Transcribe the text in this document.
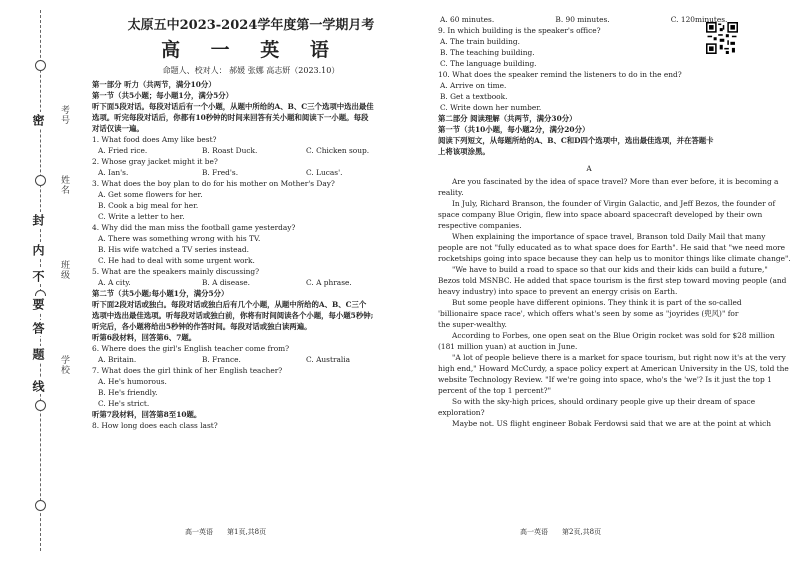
考号
姓名
班级
学校
密
封
线
内
不
要
答
题
太原五中2023-2024学年度第一学期月考
高 一 英 语
命题人、校对人： 郝媛 张娜 高志妍（2023.10）
第一部分 听力（共两节，满分10分）
第一节（共5小题；每小题1分，满分5分）
听下面5段对话。每段对话后有一个小题，从题中所给的A、B、C三个选项中选出最佳
选项。听完每段对话后，你都有10秒钟的时间来回答有关小题和阅读下一小题。每段
对话仅读一遍。
1. What food does Amy like best?
A. Fried rice.	B. Roast Duck.	C. Chicken soup.
2. Whose gray jacket might it be?
A. Ian's.	B. Fred's.	C. Lucas'.
3. What does the boy plan to do for his mother on Mother's Day?
A. Get some flowers for her.
B. Cook a big meal for her.
C. Write a letter to her.
4. Why did the man miss the football game yesterday?
A. There was something wrong with his TV.
B. His wife watched a TV series instead.
C. He had to deal with some urgent work.
5. What are the speakers mainly discussing?
A. A city.	B. A disease.	C. A phrase.
第二节（共5小题;每小题1分，满分5分）
听下面2段对话或独白。每段对话或独白后有几个小题，从题中所给的A、B、C三个
选项中选出最佳选项。听每段对话或独白前，你将有时间阅读各个小题，每小题5秒钟;
听完后，各小题将给出5秒钟的作答时间。每段对话或独白读两遍。
听第6段材料，回答第6、7题。
6. Where does the girl's English teacher come from?
A. Britain.	B. France.	C. Australia
7. What does the girl think of her English teacher?
A. He's humorous.
B. He's friendly.
C. He's strict.
听第7段材料，回答第8至10题。
8. How long does each class last?
高一英语　　第1页,共8页
A. 60 minutes.	B. 90 minutes.	C. 120minutes.
9. In which building is the speaker's office?
A. The train building.
B. The teaching building.
C. The language building.
10. What does the speaker remind the listeners to do in the end?
A. Arrive on time.
B. Get a textbook.
C. Write down her number.
第二部分 阅读理解（共两节，满分30分）
第一节（共10小题，每小题2分，满分20分）
阅读下列短文，从每题所给的A、B、C和D四个选项中，选出最佳选项，并在答题卡
上将该项涂黑。
A
Are you fascinated by the idea of space travel? More than ever before, it is becoming a
reality.
In July, Richard Branson, the founder of Virgin Galactic, and Jeff Bezos, the founder of
space company Blue Origin, flew into space aboard spacecraft developed by their own
respective companies.
When explaining the importance of space travel, Branson told Daily Mail that many
people are not "fully educated as to what space does for Earth". He said that "we need more
rocketships going into space because they can help us to monitor things like climate change".
"We have to build a road to space so that our kids and their kids can build a future,"
Bezos told MSNBC. He added that space tourism is the first step toward moving people (and
heavy industry) into space to prevent an energy crisis on Earth.
But some people have different opinions. They think it is part of the so-called
'billionaire space race', which offers what's seen by some as "joyrides (兜风)" for
the super-wealthy.
According to Forbes, one open seat on the Blue Origin rocket was sold for $28 million
(181 million yuan) at auction in June.
"A lot of people believe there is a market for space tourism, but right now it's at the very
high end," Howard McCurdy, a space policy expert at American University in the US, told the
website Technology Review. "If we're going into space, who's the 'we'? Is it just the top 1
percent of the top 1 percent?"
So with the sky-high prices, should ordinary people give up their dream of space
exploration?
Maybe not. US flight engineer Bobak Ferdowsi said that we are at the point at which
高一英语　　第2页,共8页
